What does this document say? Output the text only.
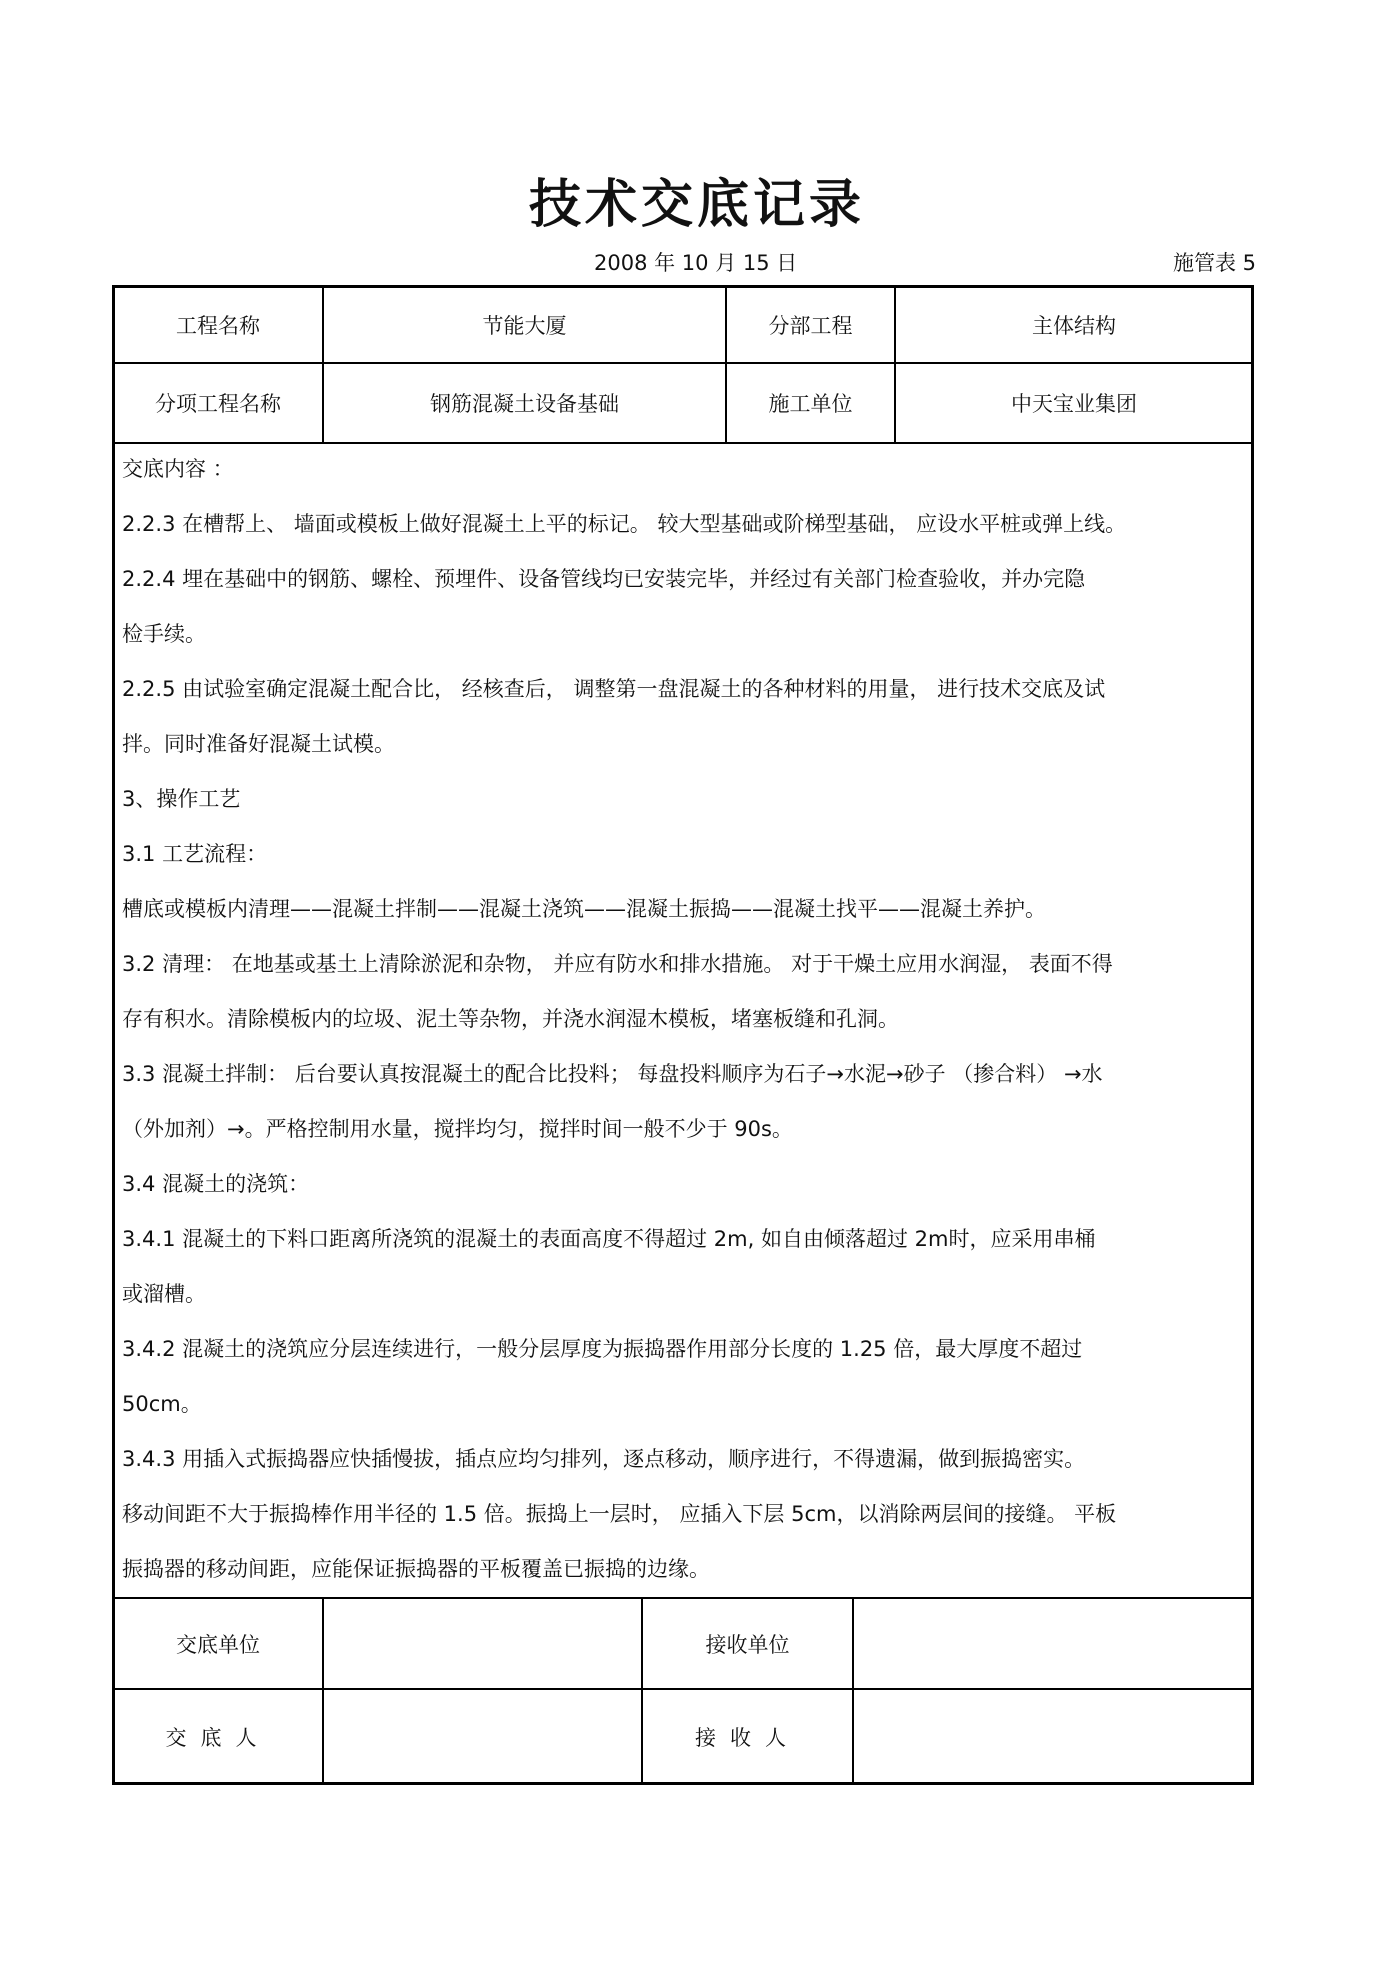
技术交底记录
2008 年 10 月 15 日	施管表 5
工程名称	节能大厦	分部工程	主体结构
分项工程名称	钢筋混凝土设备基础	施工单位	中天宝业集团
交底内容 ：
2.2.3 在槽帮上、 墙面或模板上做好混凝土上平的标记。 较大型基础或阶梯型基础， 应设水平桩或弹上线。
2.2.4 埋在基础中的钢筋、螺栓、预埋件、设备管线均已安装完毕，并经过有关部门检查验收，并办完隐
检手续。
2.2.5 由试验室确定混凝土配合比， 经核查后， 调整第一盘混凝土的各种材料的用量， 进行技术交底及试
拌。同时准备好混凝土试模。
3、操作工艺
3.1 工艺流程：
槽底或模板内清理——混凝土拌制——混凝土浇筑——混凝土振捣——混凝土找平——混凝土养护。
3.2 清理： 在地基或基土上清除淤泥和杂物， 并应有防水和排水措施。 对于干燥土应用水润湿， 表面不得
存有积水。清除模板内的垃圾、泥土等杂物，并浇水润湿木模板，堵塞板缝和孔洞。
3.3 混凝土拌制： 后台要认真按混凝土的配合比投料； 每盘投料顺序为石子→水泥→砂子 （掺合料） →水
（外加剂）→。严格控制用水量，搅拌均匀，搅拌时间一般不少于 90s。
3.4 混凝土的浇筑：
3.4.1 混凝土的下料口距离所浇筑的混凝土的表面高度不得超过 2m, 如自由倾落超过 2m时，应采用串桶
或溜槽。
3.4.2 混凝土的浇筑应分层连续进行，一般分层厚度为振捣器作用部分长度的 1.25 倍，最大厚度不超过
50cm。
3.4.3 用插入式振捣器应快插慢拔，插点应均匀排列，逐点移动，顺序进行，不得遗漏，做到振捣密实。
移动间距不大于振捣棒作用半径的 1.5 倍。振捣上一层时， 应插入下层 5cm，以消除两层间的接缝。 平板
振捣器的移动间距，应能保证振捣器的平板覆盖已振捣的边缘。
交底单位	接收单位
交底人	接收人
